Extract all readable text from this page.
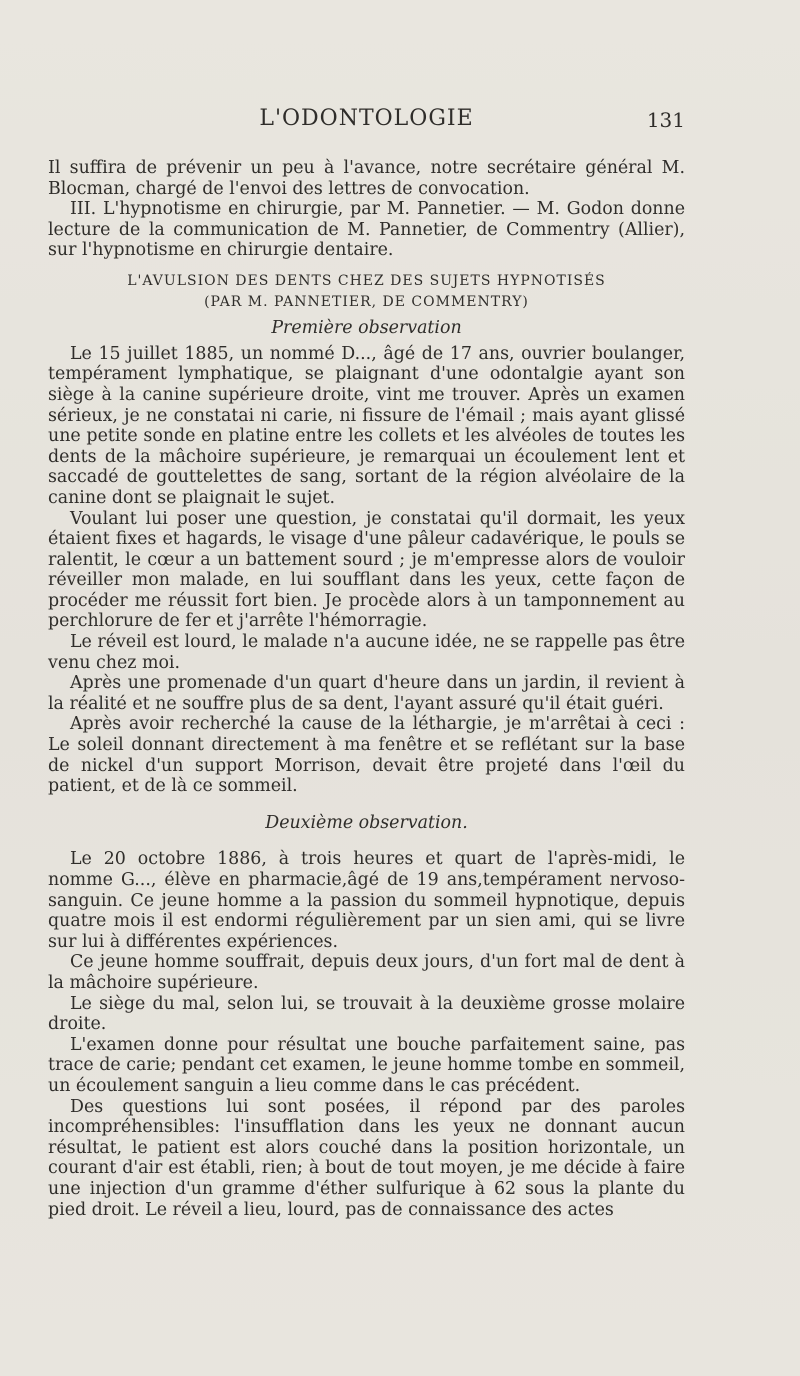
L'ODONTOLOGIE	131

Il suffira de prévenir un peu à l'avance, notre secrétaire général M. Blocman, chargé de l'envoi des lettres de convocation.

III. L'hypnotisme en chirurgie, par M. Pannetier. — M. Godon donne lecture de la communication de M. Pannetier, de Commentry (Allier), sur l'hypnotisme en chirurgie dentaire.

L'AVULSION DES DENTS CHEZ DES SUJETS HYPNOTISÉS
(PAR M. PANNETIER, DE COMMENTRY)
Première observation

Le 15 juillet 1885, un nommé D..., âgé de 17 ans, ouvrier boulanger, tempérament lymphatique, se plaignant d'une odontalgie ayant son siège à la canine supérieure droite, vint me trouver. Après un examen sérieux, je ne constatai ni carie, ni fissure de l'émail ; mais ayant glissé une petite sonde en platine entre les collets et les alvéoles de toutes les dents de la mâchoire supérieure, je remarquai un écoulement lent et saccadé de gouttelettes de sang, sortant de la région alvéolaire de la canine dont se plaignait le sujet.

Voulant lui poser une question, je constatai qu'il dormait, les yeux étaient fixes et hagards, le visage d'une pâleur cadavérique, le pouls se ralentit, le cœur a un battement sourd ; je m'empresse alors de vouloir réveiller mon malade, en lui soufflant dans les yeux, cette façon de procéder me réussit fort bien. Je procède alors à un tamponnement au perchlorure de fer et j'arrête l'hémorragie.

Le réveil est lourd, le malade n'a aucune idée, ne se rappelle pas être venu chez moi.

Après une promenade d'un quart d'heure dans un jardin, il revient à la réalité et ne souffre plus de sa dent, l'ayant assuré qu'il était guéri.

Après avoir recherché la cause de la léthargie, je m'arrêtai à ceci : Le soleil donnant directement à ma fenêtre et se reflétant sur la base de nickel d'un support Morrison, devait être projeté dans l'œil du patient, et de là ce sommeil.

Deuxième observation.

Le 20 octobre 1886, à trois heures et quart de l'après-midi, le nomme G..., élève en pharmacie,âgé de 19 ans,tempérament nervoso-sanguin. Ce jeune homme a la passion du sommeil hypnotique, depuis quatre mois il est endormi régulièrement par un sien ami, qui se livre sur lui à différentes expériences.

Ce jeune homme souffrait, depuis deux jours, d'un fort mal de dent à la mâchoire supérieure.

Le siège du mal, selon lui, se trouvait à la deuxième grosse molaire droite.

L'examen donne pour résultat une bouche parfaitement saine, pas trace de carie; pendant cet examen, le jeune homme tombe en sommeil, un écoulement sanguin a lieu comme dans le cas précédent.

Des questions lui sont posées, il répond par des paroles incompréhensibles: l'insufflation dans les yeux ne donnant aucun résultat, le patient est alors couché dans la position horizontale, un courant d'air est établi, rien; à bout de tout moyen, je me décide à faire une injection d'un gramme d'éther sulfurique à 62 sous la plante du pied droit. Le réveil a lieu, lourd, pas de connaissance des actes
